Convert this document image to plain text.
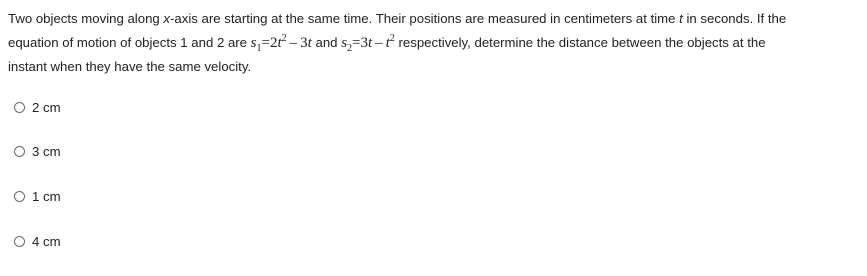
Two objects moving along x-axis are starting at the same time. Their positions are measured in centimeters at time t in seconds. If the
equation of motion of objects 1 and 2 are $s_1=2t^2 - 3t$ and $s_2=3t - t^2$ respectively, determine the distance between the objects at the
instant when they have the same velocity.
2 cm
3 cm
1 cm
4 cm
